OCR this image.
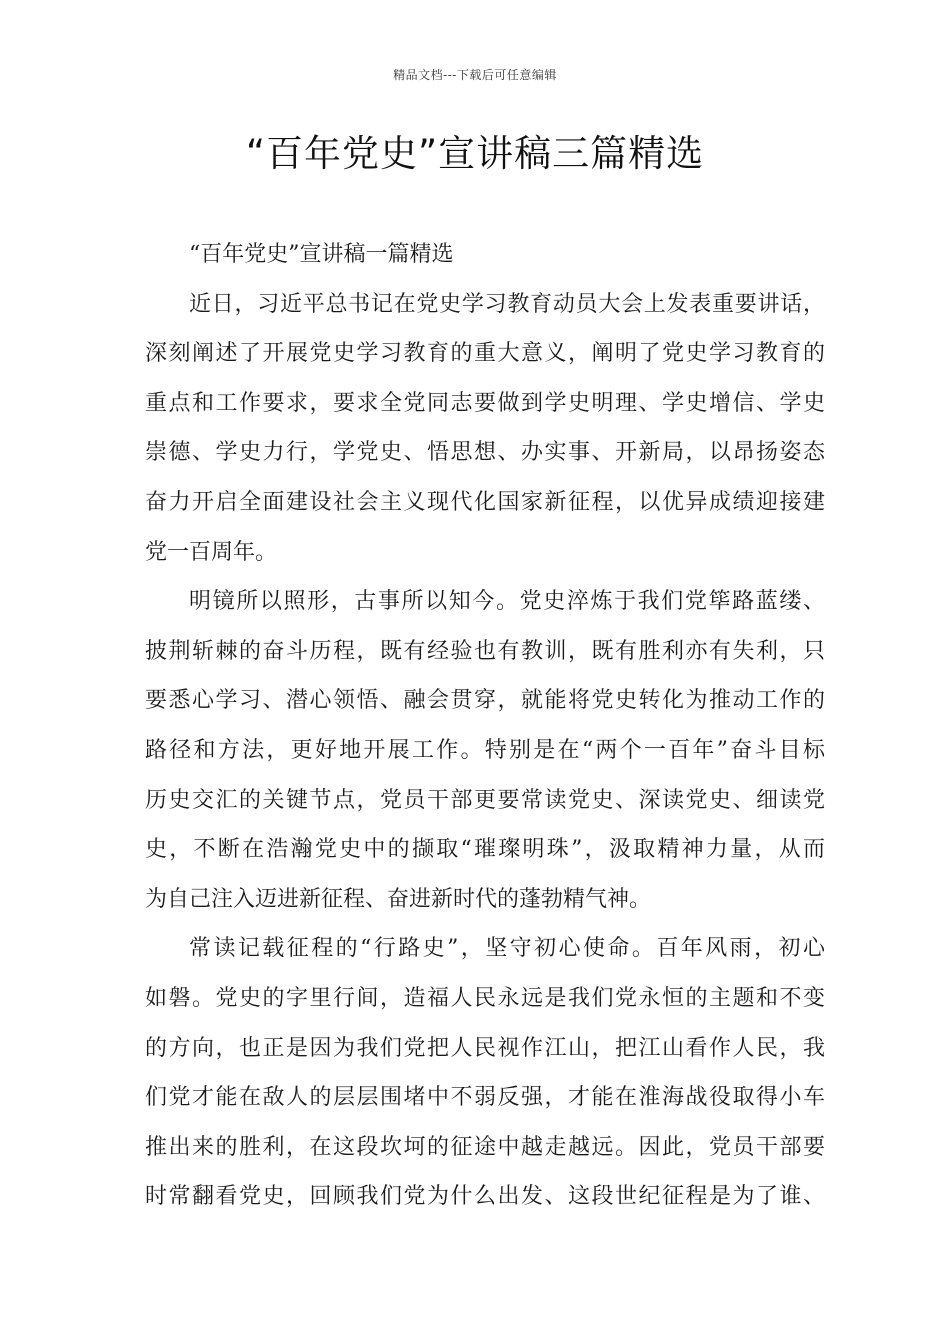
精品文档---下载后可任意编辑
“百年党史”宣讲稿三篇精选
“百年党史”宣讲稿一篇精选
近日，习近平总书记在党史学习教育动员大会上发表重要讲话，
深刻阐述了开展党史学习教育的重大意义，阐明了党史学习教育的
重点和工作要求，要求全党同志要做到学史明理、学史增信、学史
崇德、学史力行，学党史、悟思想、办实事、开新局，以昂扬姿态
奋力开启全面建设社会主义现代化国家新征程，以优异成绩迎接建
党一百周年。
明镜所以照形，古事所以知今。党史淬炼于我们党筚路蓝缕、
披荆斩棘的奋斗历程，既有经验也有教训，既有胜利亦有失利，只
要悉心学习、潜心领悟、融会贯穿，就能将党史转化为推动工作的
路径和方法，更好地开展工作。特别是在“两个一百年”奋斗目标
历史交汇的关键节点，党员干部更要常读党史、深读党史、细读党
史，不断在浩瀚党史中的撷取“璀璨明珠”，汲取精神力量，从而
为自己注入迈进新征程、奋进新时代的蓬勃精气神。
常读记载征程的“行路史”，坚守初心使命。百年风雨，初心
如磐。党史的字里行间，造福人民永远是我们党永恒的主题和不变
的方向，也正是因为我们党把人民视作江山，把江山看作人民，我
们党才能在敌人的层层围堵中不弱反强，才能在淮海战役取得小车
推出来的胜利，在这段坎坷的征途中越走越远。因此，党员干部要
时常翻看党史，回顾我们党为什么出发、这段世纪征程是为了谁、
